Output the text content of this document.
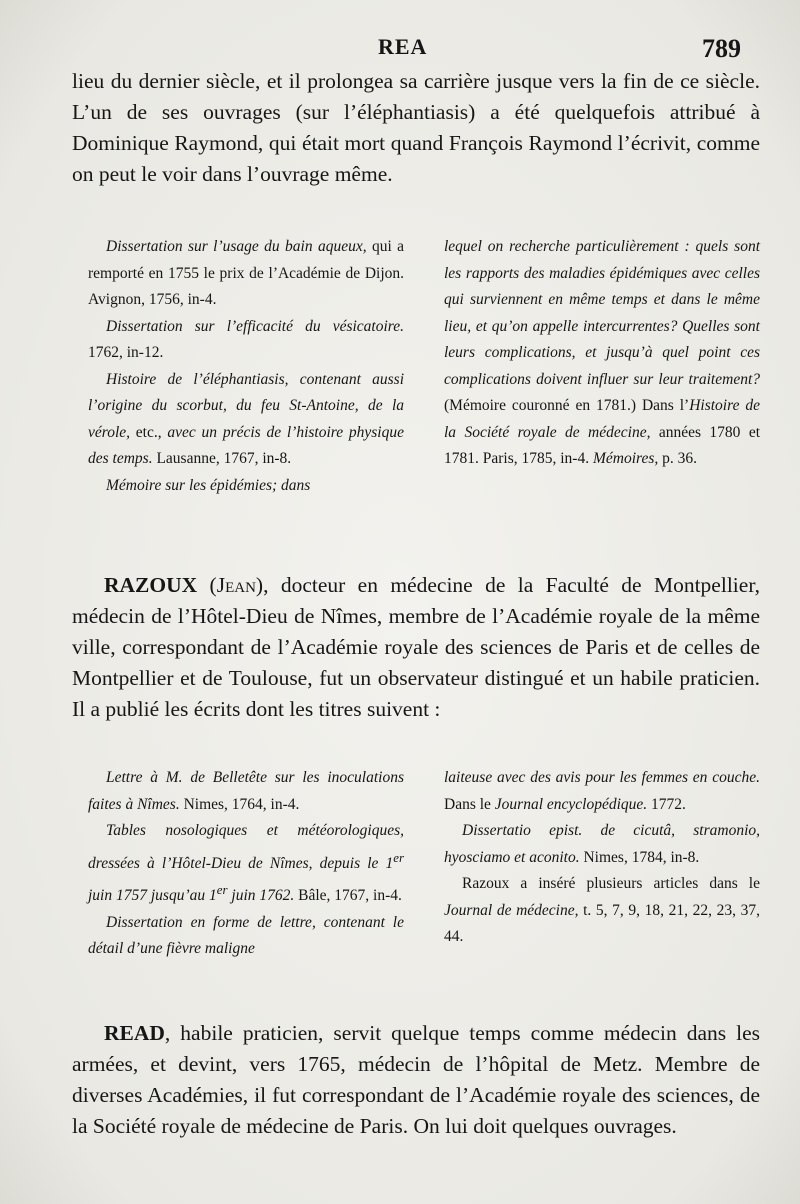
REA	789

lieu du dernier siècle, et il prolongea sa carrière jusque vers la fin de ce siècle. L’un de ses ouvrages (sur l’éléphantiasis) a été quelquefois attribué à Dominique Raymond, qui était mort quand François Raymond l’écrivit, comme on peut le voir dans l’ouvrage même.

Dissertation sur l’usage du bain aqueux, qui a remporté en 1755 le prix de l’Académie de Dijon. Avignon, 1756, in-4.

Dissertation sur l’efficacité du vésicatoire. 1762, in-12.

Histoire de l’éléphantiasis, contenant aussi l’origine du scorbut, du feu St-Antoine, de la vérole, etc., avec un précis de l’histoire physique des temps. Lausanne, 1767, in-8.

Mémoire sur les épidémies; dans

lequel on recherche particulièrement : quels sont les rapports des maladies épidémiques avec celles qui surviennent en même temps et dans le même lieu, et qu’on appelle intercurrentes? Quelles sont leurs complications, et jusqu’à quel point ces complications doivent influer sur leur traitement? (Mémoire couronné en 1781.) Dans l’Histoire de la Société royale de médecine, années 1780 et 1781. Paris, 1785, in-4. Mémoires, p. 36.

RAZOUX (Jean), docteur en médecine de la Faculté de Montpellier, médecin de l’Hôtel-Dieu de Nîmes, membre de l’Académie royale de la même ville, correspondant de l’Académie royale des sciences de Paris et de celles de Montpellier et de Toulouse, fut un observateur distingué et un habile praticien. Il a publié les écrits dont les titres suivent :

Lettre à M. de Belletête sur les inoculations faites à Nîmes. Nimes, 1764, in-4.

Tables nosologiques et météorologiques, dressées à l’Hôtel-Dieu de Nîmes, depuis le 1er juin 1757 jusqu’au 1er juin 1762. Bâle, 1767, in-4.

Dissertation en forme de lettre, contenant le détail d’une fièvre maligne

laiteuse avec des avis pour les femmes en couche. Dans le Journal encyclopédique. 1772.

Dissertatio epist. de cicutâ, stramonio, hyosciamo et aconito. Nimes, 1784, in-8.

Razoux a inséré plusieurs articles dans le Journal de médecine, t. 5, 7, 9, 18, 21, 22, 23, 37, 44.

READ, habile praticien, servit quelque temps comme médecin dans les armées, et devint, vers 1765, médecin de l’hôpital de Metz. Membre de diverses Académies, il fut correspondant de l’Académie royale des sciences, de la Société royale de médecine de Paris. On lui doit quelques ouvrages.
